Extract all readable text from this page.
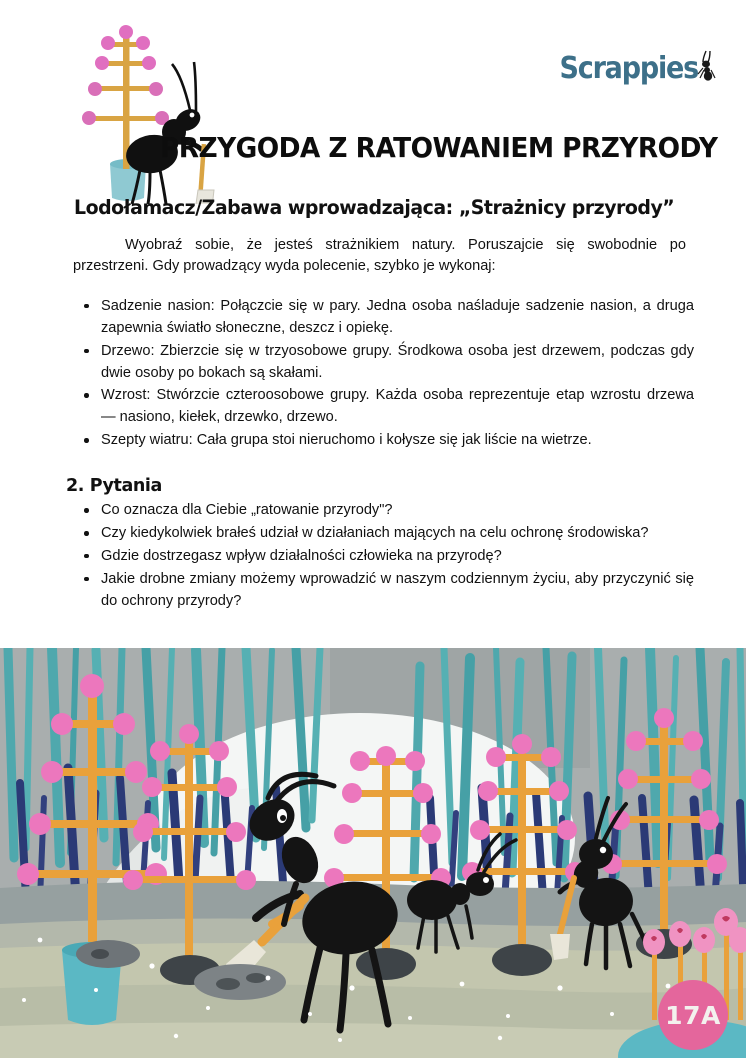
Scrappies
PRZYGODA Z RATOWANIEM PRZYRODY
Lodołamacz/Zabawa wprowadzająca: „Strażnicy przyrody”

Wyobraź sobie, że jesteś strażnikiem natury. Poruszajcie się swobodnie po przestrzeni. Gdy prowadzący wyda polecenie, szybko je wykonaj:

Sadzenie nasion: Połączcie się w pary. Jedna osoba naśladuje sadzenie nasion, a druga zapewnia światło słoneczne, deszcz i opiekę.
Drzewo: Zbierzcie się w trzyosobowe grupy. Środkowa osoba jest drzewem, podczas gdy dwie osoby po bokach są skałami.
Wzrost: Stwórzcie czteroosobowe grupy. Każda osoba reprezentuje etap wzrostu drzewa — nasiono, kiełek, drzewko, drzewo.
Szepty wiatru: Cała grupa stoi nieruchomo i kołysze się jak liście na wietrze.
2. Pytania
Co oznacza dla Ciebie „ratowanie przyrody"?
Czy kiedykolwiek brałeś udział w działaniach mających na celu ochronę środowiska?
Gdzie dostrzegasz wpływ działalności człowieka na przyrodę?
Jakie drobne zmiany możemy wprowadzić w naszym codziennym życiu, aby przyczynić się do ochrony przyrody?
17A
